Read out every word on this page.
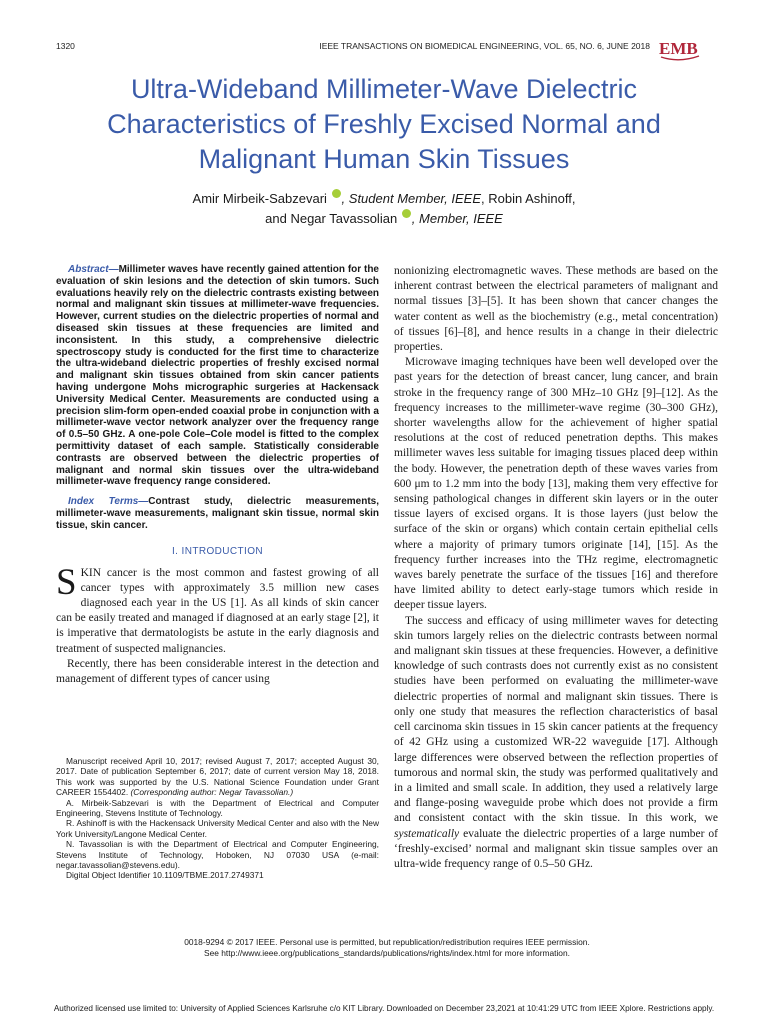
1320	IEEE TRANSACTIONS ON BIOMEDICAL ENGINEERING, VOL. 65, NO. 6, JUNE 2018 EMB
Ultra-Wideband Millimeter-Wave Dielectric
Characteristics of Freshly Excised Normal and
Malignant Human Skin Tissues
Amir Mirbeik-Sabzevari , Student Member, IEEE, Robin Ashinoff,
and Negar Tavassolian , Member, IEEE

Abstract—Millimeter waves have recently gained attention for the evaluation of skin lesions and the detection of skin tumors. Such evaluations heavily rely on the dielectric contrasts existing between normal and malignant skin tissues at millimeter-wave frequencies. However, current studies on the dielectric properties of normal and diseased skin tissues at these frequencies are limited and inconsistent. In this study, a comprehensive dielectric spectroscopy study is conducted for the first time to characterize the ultra-wideband dielectric properties of freshly excised normal and malignant skin tissues obtained from skin cancer patients having undergone Mohs micrographic surgeries at Hackensack University Medical Center. Measurements are conducted using a precision slim-form open-ended coaxial probe in conjunction with a millimeter-wave vector network analyzer over the frequency range of 0.5–50 GHz. A one-pole Cole–Cole model is fitted to the complex permittivity dataset of each sample. Statistically considerable contrasts are observed between the dielectric properties of malignant and normal skin tissues over the ultra-wideband millimeter-wave frequency range considered.

Index Terms—Contrast study, dielectric measurements, millimeter-wave measurements, malignant skin tissue, normal skin tissue, skin cancer.

I. INTRODUCTION

SKIN cancer is the most common and fastest growing of all cancer types with approximately 3.5 million new cases diagnosed each year in the US [1]. As all kinds of skin cancer can be easily treated and managed if diagnosed at an early stage [2], it is imperative that dermatologists be astute in the early diagnosis and treatment of suspected malignancies.

Recently, there has been considerable interest in the detection and management of different types of cancer using

Manuscript received April 10, 2017; revised August 7, 2017; accepted August 30, 2017. Date of publication September 6, 2017; date of current version May 18, 2018. This work was supported by the U.S. National Science Foundation under Grant CAREER 1554402. (Corresponding author: Negar Tavassolian.)

A. Mirbeik-Sabzevari is with the Department of Electrical and Computer Engineering, Stevens Institute of Technology.

R. Ashinoff is with the Hackensack University Medical Center and also with the New York University/Langone Medical Center.

N. Tavassolian is with the Department of Electrical and Computer Engineering, Stevens Institute of Technology, Hoboken, NJ 07030 USA (e-mail: negar.tavassolian@stevens.edu).

Digital Object Identifier 10.1109/TBME.2017.2749371

nonionizing electromagnetic waves. These methods are based on the inherent contrast between the electrical parameters of malignant and normal tissues [3]–[5]. It has been shown that cancer changes the water content as well as the biochemistry (e.g., metal concentration) of tissues [6]–[8], and hence results in a change in their dielectric properties.

Microwave imaging techniques have been well developed over the past years for the detection of breast cancer, lung cancer, and brain stroke in the frequency range of 300 MHz–10 GHz [9]–[12]. As the frequency increases to the millimeter-wave regime (30–300 GHz), shorter wavelengths allow for the achievement of higher spatial resolutions at the cost of reduced penetration depths. This makes millimeter waves less suitable for imaging tissues placed deep within the body. However, the penetration depth of these waves varies from 600 μm to 1.2 mm into the body [13], making them very effective for sensing pathological changes in different skin layers or in the outer tissue layers of excised organs. It is those layers (just below the surface of the skin or organs) which contain certain epithelial cells where a majority of primary tumors originate [14], [15]. As the frequency further increases into the THz regime, electromagnetic waves barely penetrate the surface of the tissues [16] and therefore have limited ability to detect early-stage tumors which reside in deeper tissue layers.

The success and efficacy of using millimeter waves for detecting skin tumors largely relies on the dielectric contrasts between normal and malignant skin tissues at these frequencies. However, a definitive knowledge of such contrasts does not currently exist as no consistent studies have been performed on evaluating the millimeter-wave dielectric properties of normal and malignant skin tissues. There is only one study that measures the reflection characteristics of basal cell carcinoma skin tissues in 15 skin cancer patients at the frequency of 42 GHz using a customized WR-22 waveguide [17]. Although large differences were observed between the reflection properties of tumorous and normal skin, the study was performed qualitatively and in a limited and small scale. In addition, they used a relatively large and flange-posing waveguide probe which does not provide a firm and consistent contact with the skin tissue. In this work, we systematically evaluate the dielectric properties of a large number of ‘freshly-excised’ normal and malignant skin tissue samples over an ultra-wide frequency range of 0.5–50 GHz.

0018-9294 © 2017 IEEE. Personal use is permitted, but republication/redistribution requires IEEE permission.
See http://www.ieee.org/publications_standards/publications/rights/index.html for more information.
Authorized licensed use limited to: University of Applied Sciences Karlsruhe c/o KIT Library. Downloaded on December 23,2021 at 10:41:29 UTC from IEEE Xplore. Restrictions apply.
